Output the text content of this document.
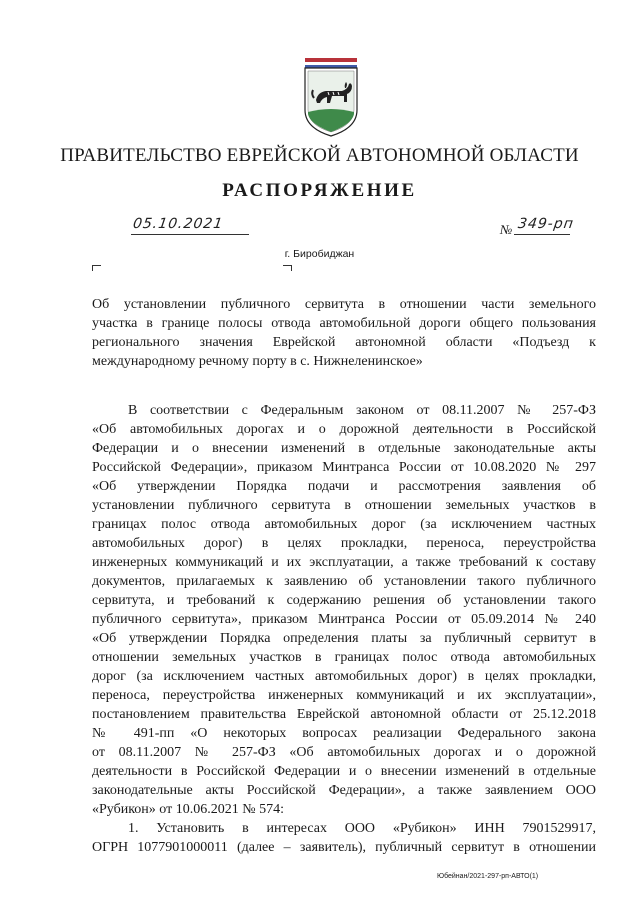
ПРАВИТЕЛЬСТВО ЕВРЕЙСКОЙ АВТОНОМНОЙ ОБЛАСТИ
РАСПОРЯЖЕНИЕ
05.10.2021	№ 349-рп
г. Биробиджан
Об установлении публичного сервитута в отношении части земельного
участка в границе полосы отвода автомобильной дороги общего пользования
регионального значения Еврейской автономной области «Подъезд к
международному речному порту в с. Нижнеленинское»
В соответствии с Федеральным законом от 08.11.2007 № 257-ФЗ
«Об автомобильных дорогах и о дорожной деятельности в Российской
Федерации и о внесении изменений в отдельные законодательные акты
Российской Федерации», приказом Минтранса России от 10.08.2020 № 297
«Об утверждении Порядка подачи и рассмотрения заявления об
установлении публичного сервитута в отношении земельных участков в
границах полос отвода автомобильных дорог (за исключением частных
автомобильных дорог) в целях прокладки, переноса, переустройства
инженерных коммуникаций и их эксплуатации, а также требований к составу
документов, прилагаемых к заявлению об установлении такого публичного
сервитута, и требований к содержанию решения об установлении такого
публичного сервитута», приказом Минтранса России от 05.09.2014 № 240
«Об утверждении Порядка определения платы за публичный сервитут в
отношении земельных участков в границах полос отвода автомобильных
дорог (за исключением частных автомобильных дорог) в целях прокладки,
переноса, переустройства инженерных коммуникаций и их эксплуатации»,
постановлением правительства Еврейской автономной области от 25.12.2018
№ 491-пп «О некоторых вопросах реализации Федерального закона
от 08.11.2007 № 257-ФЗ «Об автомобильных дорогах и о дорожной
деятельности в Российской Федерации и о внесении изменений в отдельные
законодательные акты Российской Федерации», а также заявлением ООО
«Рубикон» от 10.06.2021 № 574:
1. Установить в интересах ООО «Рубикон» ИНН 7901529917,
ОГРН 1077901000011 (далее – заявитель), публичный сервитут в отношении
Юбейнан/2021-297-рп-АВТО(1)
